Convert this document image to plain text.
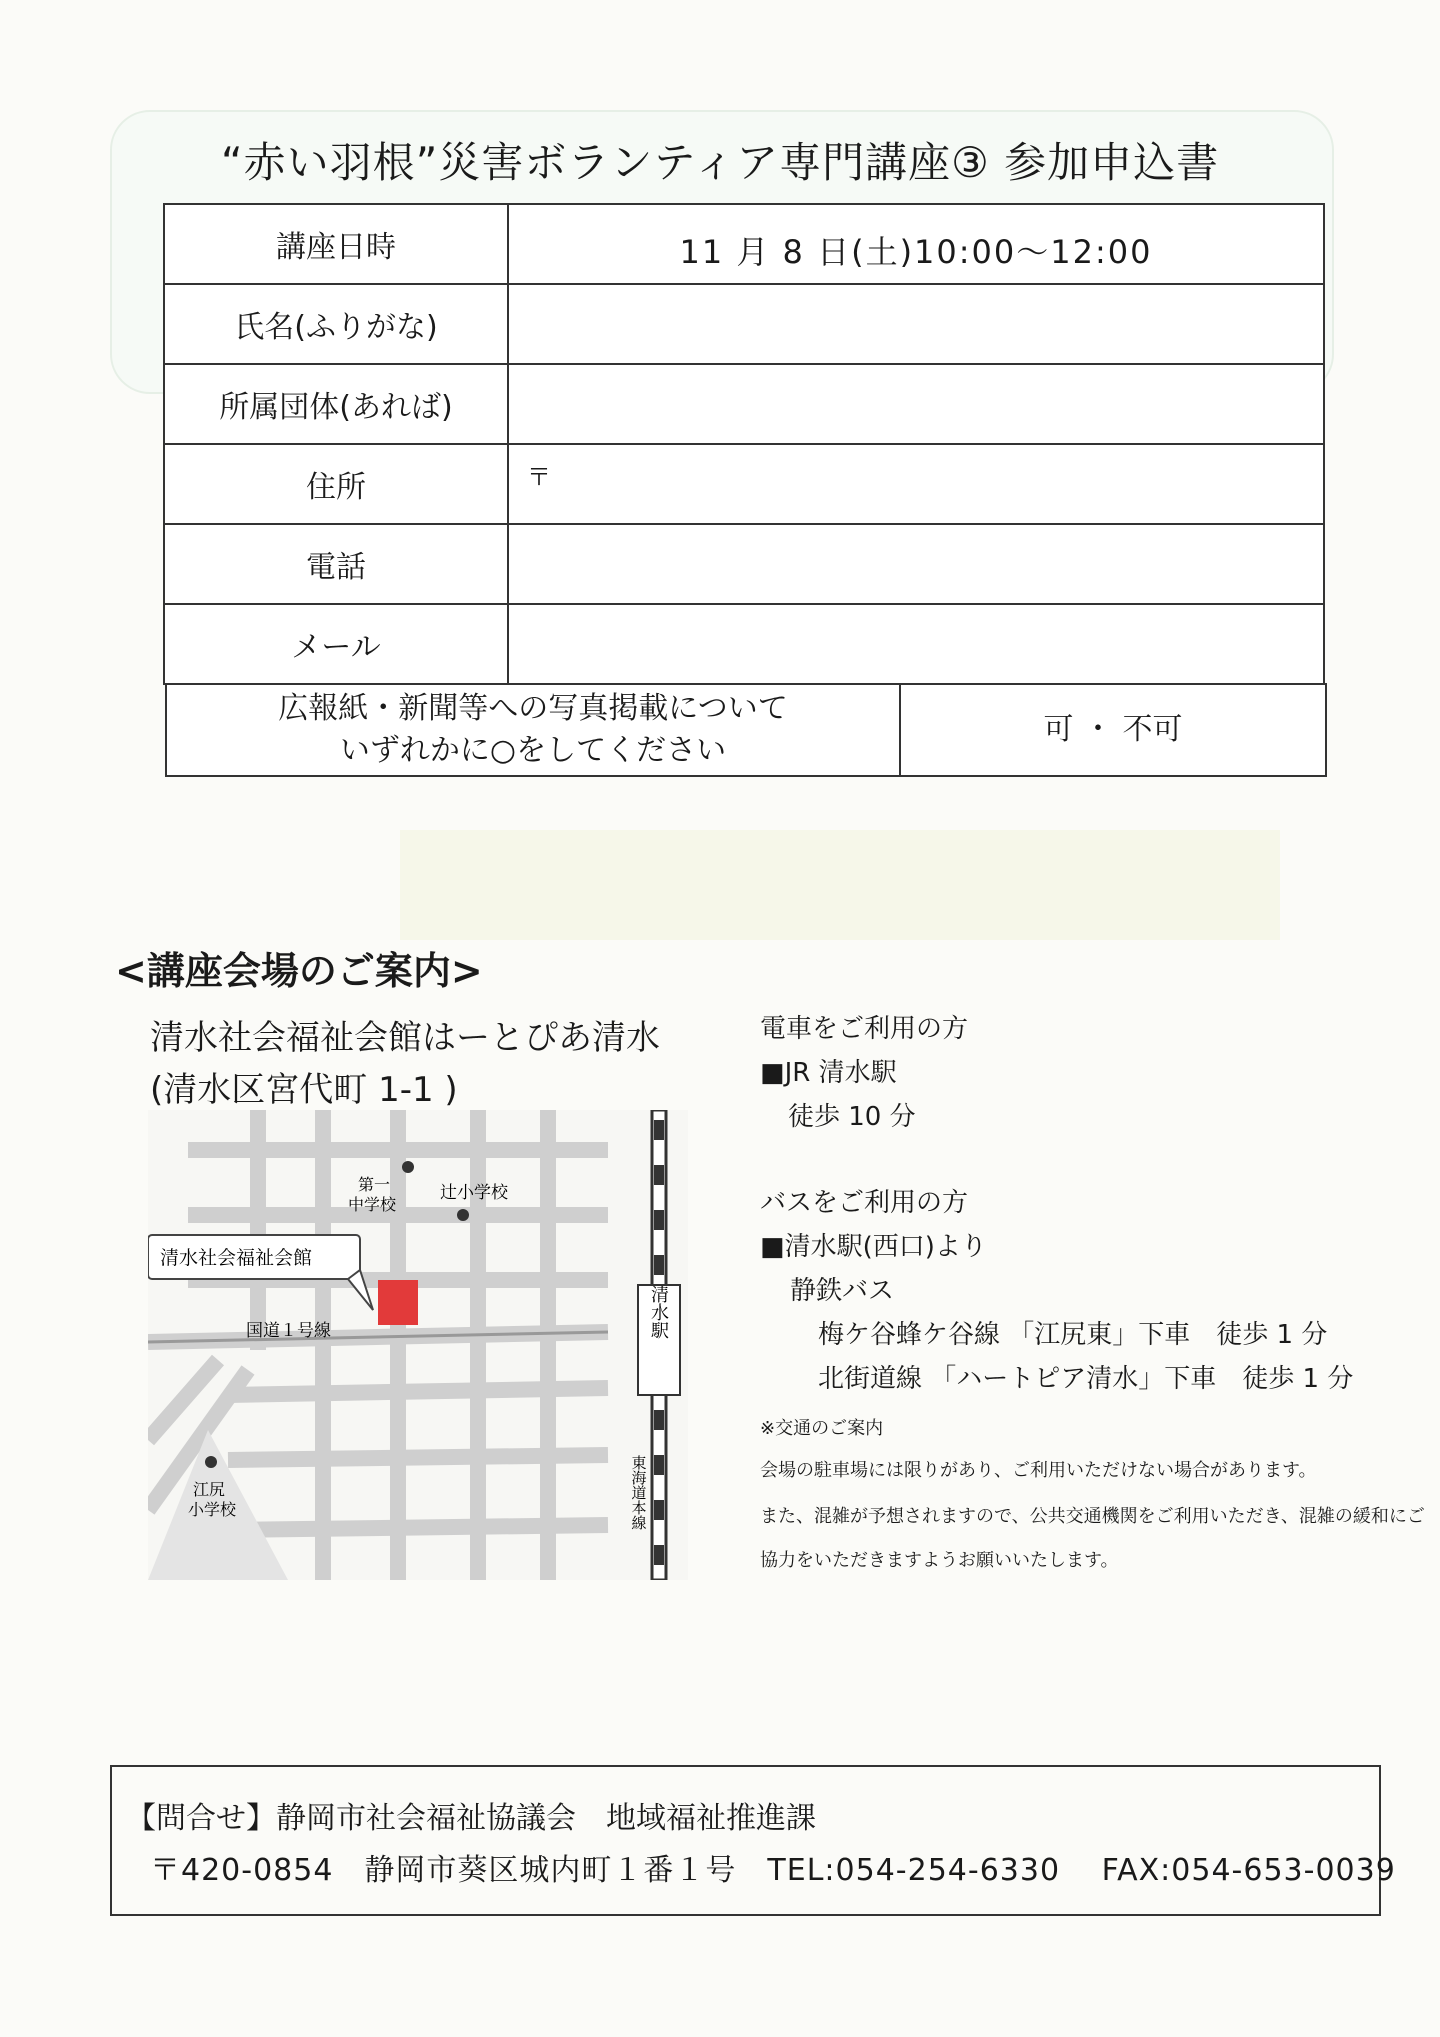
“赤い羽根”災害ボランティア専門講座③ 参加申込書
講座日時	11 月 8 日(土)10:00〜12:00
氏名(ふりがな)	
所属団体(あれば)	
住所	〒
電話	
メール	
広報紙・新聞等への写真掲載について
いずれかに○をしてください
	可 ・ 不可
<講座会場のご案内>
清水社会福祉会館はーとぴあ清水
(清水区宮代町 1-1 )
第一
中学校
辻小学校
清水社会福祉会館
国道１号線	清水駅
江尻
小学校	東海道本線
電車をご利用の方
■JR 清水駅
徒歩 10 分
バスをご利用の方
■清水駅(西口)より
静鉄バス
梅ケ谷蜂ケ谷線 「江尻東」下車　徒歩 1 分
北街道線 「ハートピア清水」下車　徒歩 1 分
※交通のご案内
会場の駐車場には限りがあり、ご利用いただけない場合があります。
また、混雑が予想されますので、公共交通機関をご利用いただき、混雑の緩和にご
協力をいただきますようお願いいたします。
【問合せ】静岡市社会福祉協議会　地域福祉推進課
〒420-0854　静岡市葵区城内町１番１号　TEL:054-254-6330　 FAX:054-653-0039
